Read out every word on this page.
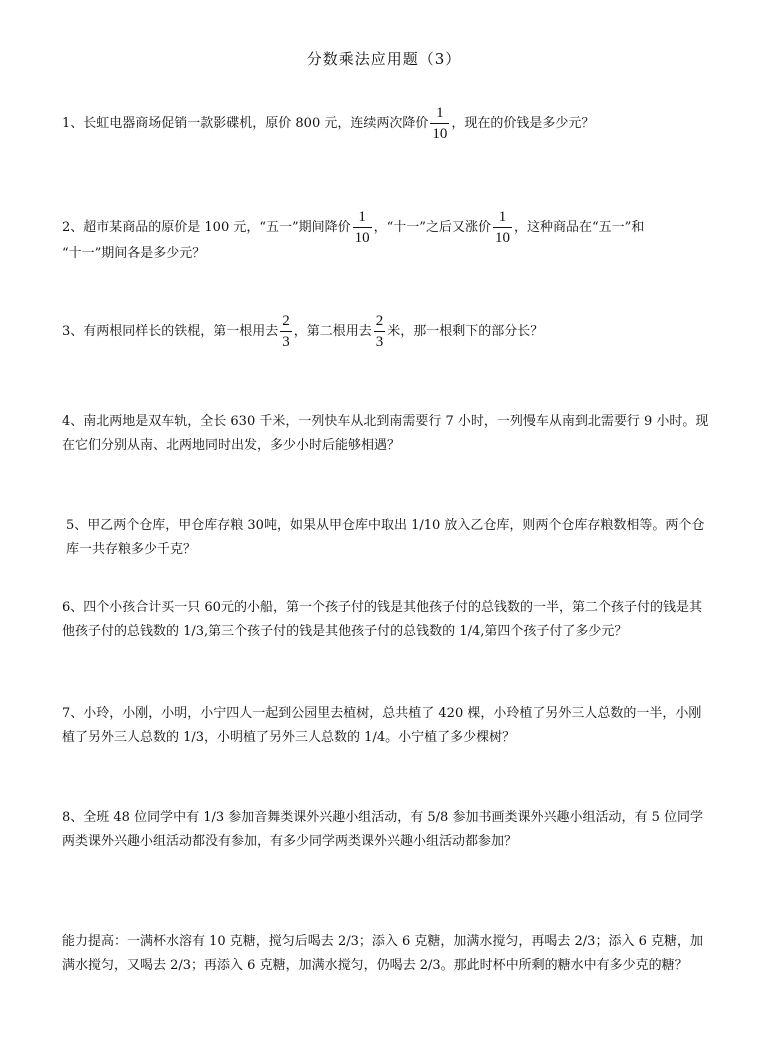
分数乘法应用题（3）
1、长虹电器商场促销一款影碟机，原价 800 元，连续两次降价 $\frac{1}{10}$ ，现在的价钱是多少元？
2、超市某商品的原价是 100 元，“五一”期间降价 $\frac{1}{10}$ ，“十一”之后又涨价 $\frac{1}{10}$ ，这种商品在“五一”和
“十一”期间各是多少元？
3、有两根同样长的铁棍，第一根用去 $\frac{2}{3}$ ，第二根用去 $\frac{2}{3}$ 米，那一根剩下的部分长？
4、南北两地是双车轨，全长 630 千米，一列快车从北到南需要行 7 小时，一列慢车从南到北需要行 9 小时。现在它们分别从南、北两地同时出发，多少小时后能够相遇？
5、甲乙两个仓库，甲仓库存粮 30吨，如果从甲仓库中取出 1/10 放入乙仓库，则两个仓库存粮数相等。两个仓库一共存粮多少千克？
6、四个小孩合计买一只 60元的小船，第一个孩子付的钱是其他孩子付的总钱数的一半，第二个孩子付的钱是其他孩子付的总钱数的 1/3,第三个孩子付的钱是其他孩子付的总钱数的 1/4,第四个孩子付了多少元？
7、小玲，小刚，小明，小宁四人一起到公园里去植树，总共植了 420 棵，小玲植了另外三人总数的一半，小刚植了另外三人总数的 1/3，小明植了另外三人总数的 1/4。小宁植了多少棵树？
8、全班 48 位同学中有 1/3 参加音舞类课外兴趣小组活动，有 5/8 参加书画类课外兴趣小组活动，有 5 位同学两类课外兴趣小组活动都没有参加，有多少同学两类课外兴趣小组活动都参加？
能力提高：一满杯水溶有 10 克糖，搅匀后喝去 2/3；添入 6 克糖，加满水搅匀，再喝去 2/3；添入 6 克糖，加满水搅匀，又喝去 2/3；再添入 6 克糖，加满水搅匀，仍喝去 2/3。那此时杯中所剩的糖水中有多少克的糖？
